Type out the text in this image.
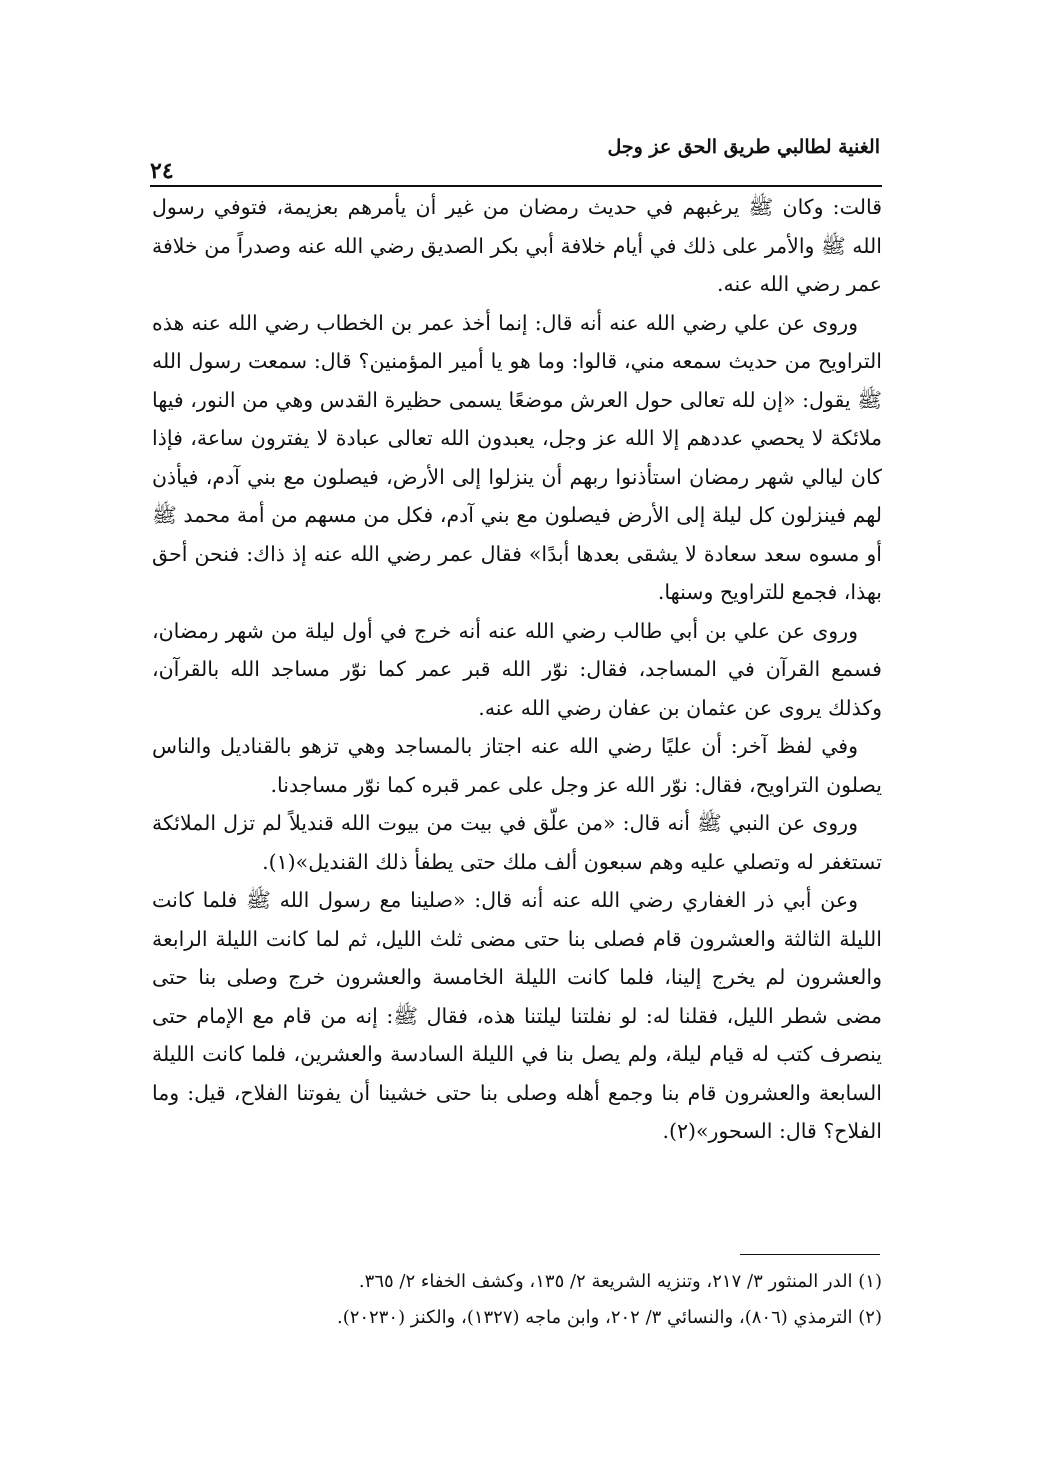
الغنية لطالبي طريق الحق عز وجل
٢٤

قالت: وكان ﷺ يرغبهم في حديث رمضان من غير أن يأمرهم بعزيمة، فتوفي رسول الله ﷺ والأمر على ذلك في أيام خلافة أبي بكر الصديق رضي الله عنه وصدراً من خلافة عمر رضي الله عنه.

وروى عن علي رضي الله عنه أنه قال: إنما أخذ عمر بن الخطاب رضي الله عنه هذه التراويح من حديث سمعه مني، قالوا: وما هو يا أمير المؤمنين؟ قال: سمعت رسول الله ﷺ يقول: «إن لله تعالى حول العرش موضعًا يسمى حظيرة القدس وهي من النور، فيها ملائكة لا يحصي عددهم إلا الله عز وجل، يعبدون الله تعالى عبادة لا يفترون ساعة، فإذا كان ليالي شهر رمضان استأذنوا ربهم أن ينزلوا إلى الأرض، فيصلون مع بني آدم، فيأذن لهم فينزلون كل ليلة إلى الأرض فيصلون مع بني آدم، فكل من مسهم من أمة محمد ﷺ أو مسوه سعد سعادة لا يشقى بعدها أبدًا» فقال عمر رضي الله عنه إذ ذاك: فنحن أحق بهذا، فجمع للتراويح وسنها.

وروى عن علي بن أبي طالب رضي الله عنه أنه خرج في أول ليلة من شهر رمضان، فسمع القرآن في المساجد، فقال: نوّر الله قبر عمر كما نوّر مساجد الله بالقرآن، وكذلك يروى عن عثمان بن عفان رضي الله عنه.

وفي لفظ آخر: أن عليًا رضي الله عنه اجتاز بالمساجد وهي تزهو بالقناديل والناس يصلون التراويح، فقال: نوّر الله عز وجل على عمر قبره كما نوّر مساجدنا.

وروى عن النبي ﷺ أنه قال: «من علّق في بيت من بيوت الله قنديلاً لم تزل الملائكة تستغفر له وتصلي عليه وهم سبعون ألف ملك حتى يطفأ ذلك القنديل»(١).

وعن أبي ذر الغفاري رضي الله عنه أنه قال: «صلينا مع رسول الله ﷺ فلما كانت الليلة الثالثة والعشرون قام فصلى بنا حتى مضى ثلث الليل، ثم لما كانت الليلة الرابعة والعشرون لم يخرج إلينا، فلما كانت الليلة الخامسة والعشرون خرج وصلى بنا حتى مضى شطر الليل، فقلنا له: لو نفلتنا ليلتنا هذه، فقال ﷺ: إنه من قام مع الإمام حتى ينصرف كتب له قيام ليلة، ولم يصل بنا في الليلة السادسة والعشرين، فلما كانت الليلة السابعة والعشرون قام بنا وجمع أهله وصلى بنا حتى خشينا أن يفوتنا الفلاح، قيل: وما الفلاح؟ قال: السحور»(٢).

(١) الدر المنثور ٣/ ٢١٧، وتنزيه الشريعة ٢/ ١٣٥، وكشف الخفاء ٢/ ٣٦٥.

(٢) الترمذي (٨٠٦)، والنسائي ٣/ ٢٠٢، وابن ماجه (١٣٢٧)، والكنز (٢٠٢٣٠).
